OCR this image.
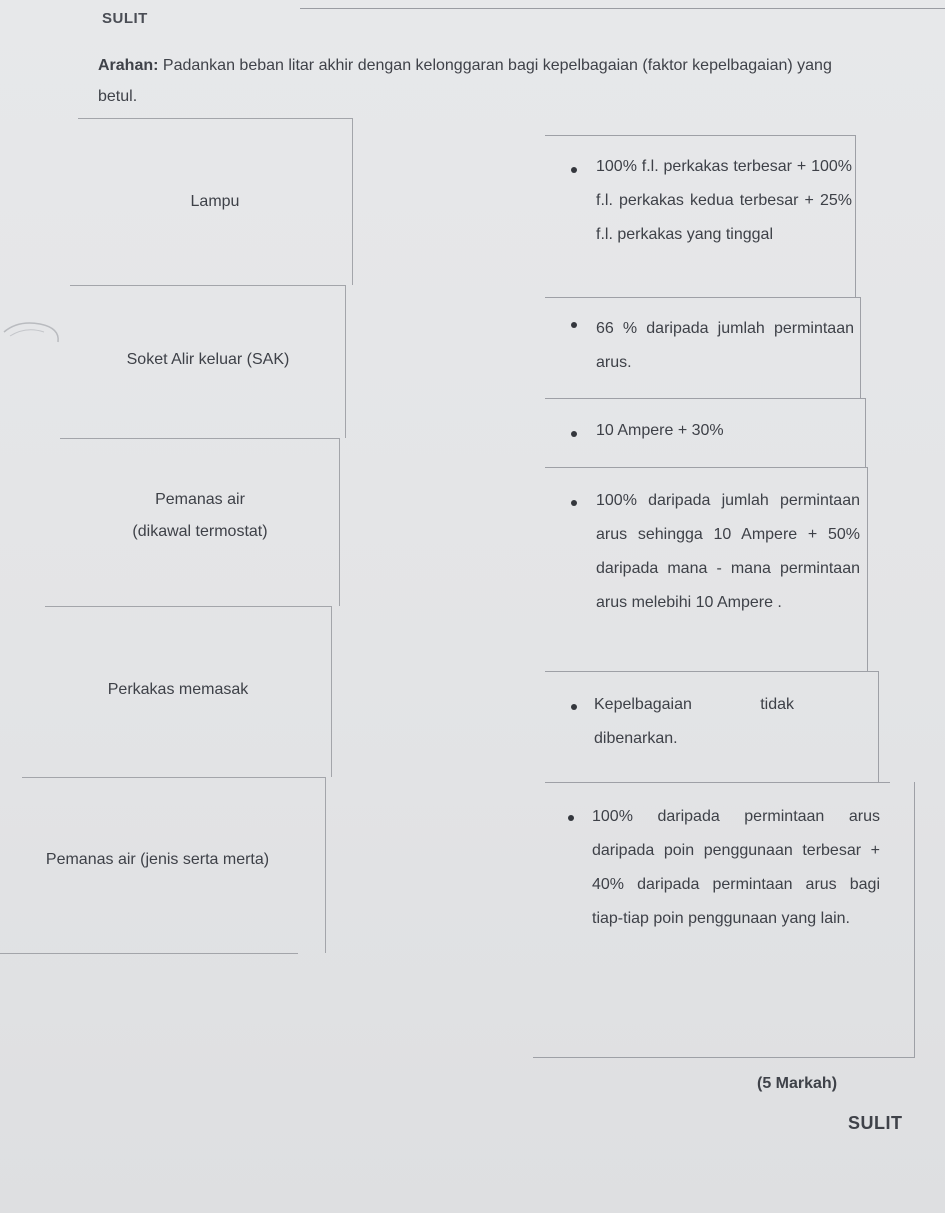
SULIT
Arahan: Padankan beban litar akhir dengan kelonggaran bagi kepelbagaian (faktor kepelbagaian) yang betul.
Lampu
Soket Alir keluar (SAK)
Pemanas air
(dikawal termostat)
Perkakas memasak
Pemanas air (jenis serta merta)
100% f.l. perkakas terbesar + 100% f.l. perkakas kedua terbesar + 25% f.l. perkakas yang tinggal
66 % daripada jumlah permintaan arus.
10 Ampere + 30%
100% daripada jumlah permintaan arus sehingga 10 Ampere + 50% daripada mana - mana permintaan arus melebihi 10 Ampere .
Kepelbagaian tidak dibenarkan.
100% daripada permintaan arus daripada poin penggunaan terbesar + 40% daripada permintaan arus bagi tiap-tiap poin penggunaan yang lain.
(5 Markah)
SULIT
